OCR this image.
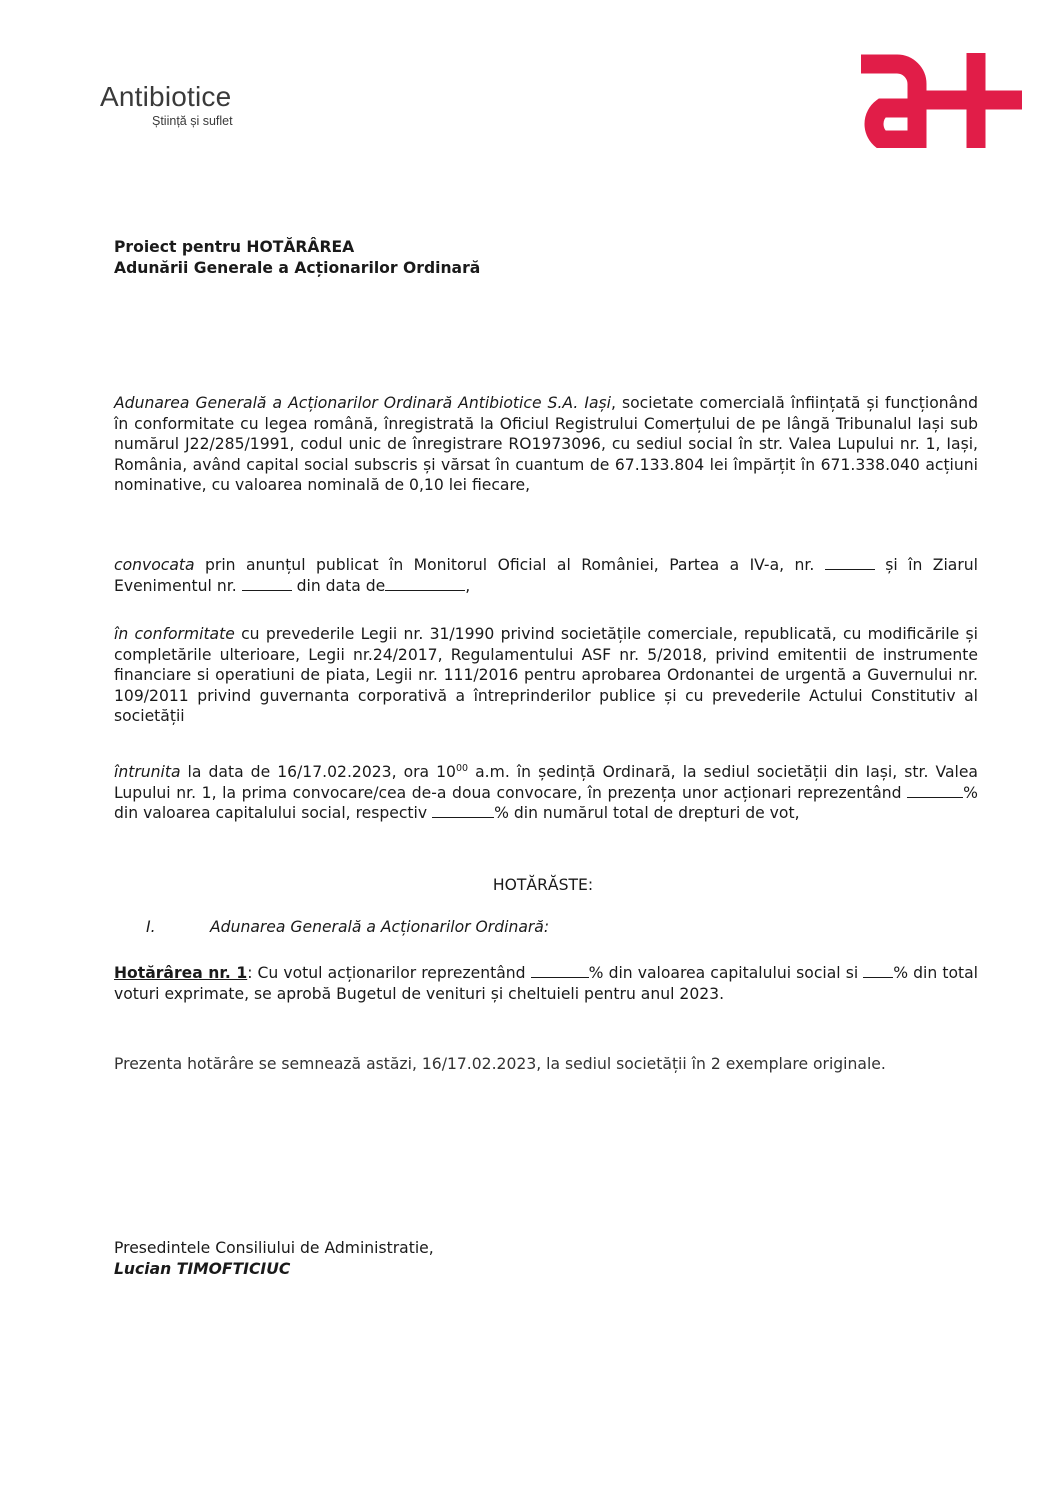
Antibiotice
Știință și suflet
Proiect pentru HOTĂRÂREA
Adunării Generale a Acționarilor Ordinară
Adunarea Generală a Acționarilor Ordinară Antibiotice S.A. Iași, societate comercială înființată și funcționând în conformitate cu legea română, înregistrată la Oficiul Registrului Comerțului de pe lângă Tribunalul Iași sub numărul J22/285/1991, codul unic de înregistrare RO1973096, cu sediul social în str. Valea Lupului nr. 1, Iași, România, având capital social subscris și vărsat în cuantum de 67.133.804 lei împărțit în 671.338.040 acțiuni nominative, cu valoarea nominală de 0,10 lei fiecare,
convocata prin anunțul publicat în Monitorul Oficial al României, Partea a IV-a, nr.	și în Ziarul Evenimentul nr.	din data de	,
în conformitate cu prevederile Legii nr. 31/1990 privind societățile comerciale, republicată, cu modificările și completările ulterioare, Legii nr.24/2017, Regulamentului ASF nr. 5/2018, privind emitentii de instrumente financiare si operatiuni de piata, Legii nr. 111/2016 pentru aprobarea Ordonantei de urgentă a Guvernului nr. 109/2011 privind guvernanta corporativă a întreprinderilor publice și cu prevederile Actului Constitutiv al societății
întrunita la data de 16/17.02.2023, ora $10^{00}$ a.m. în ședință Ordinară, la sediul societății din Iași, str. Valea Lupului nr. 1, la prima convocare/cea de-a doua convocare, în prezența unor acționari reprezentând	% din valoarea capitalului social, respectiv	% din numărul total de drepturi de vot,
HOTĂRĂSTE:
I.	Adunarea Generală a Acționarilor Ordinară:
Hotărârea nr. 1: Cu votul acționarilor reprezentând	% din valoarea capitalului social si % din total voturi exprimate, se aprobă Bugetul de venituri și cheltuieli pentru anul 2023.
Prezenta hotărâre se semnează astăzi, 16/17.02.2023, la sediul societății în 2 exemplare originale.
Presedintele Consiliului de Administratie,
Lucian TIMOFTICIUC
